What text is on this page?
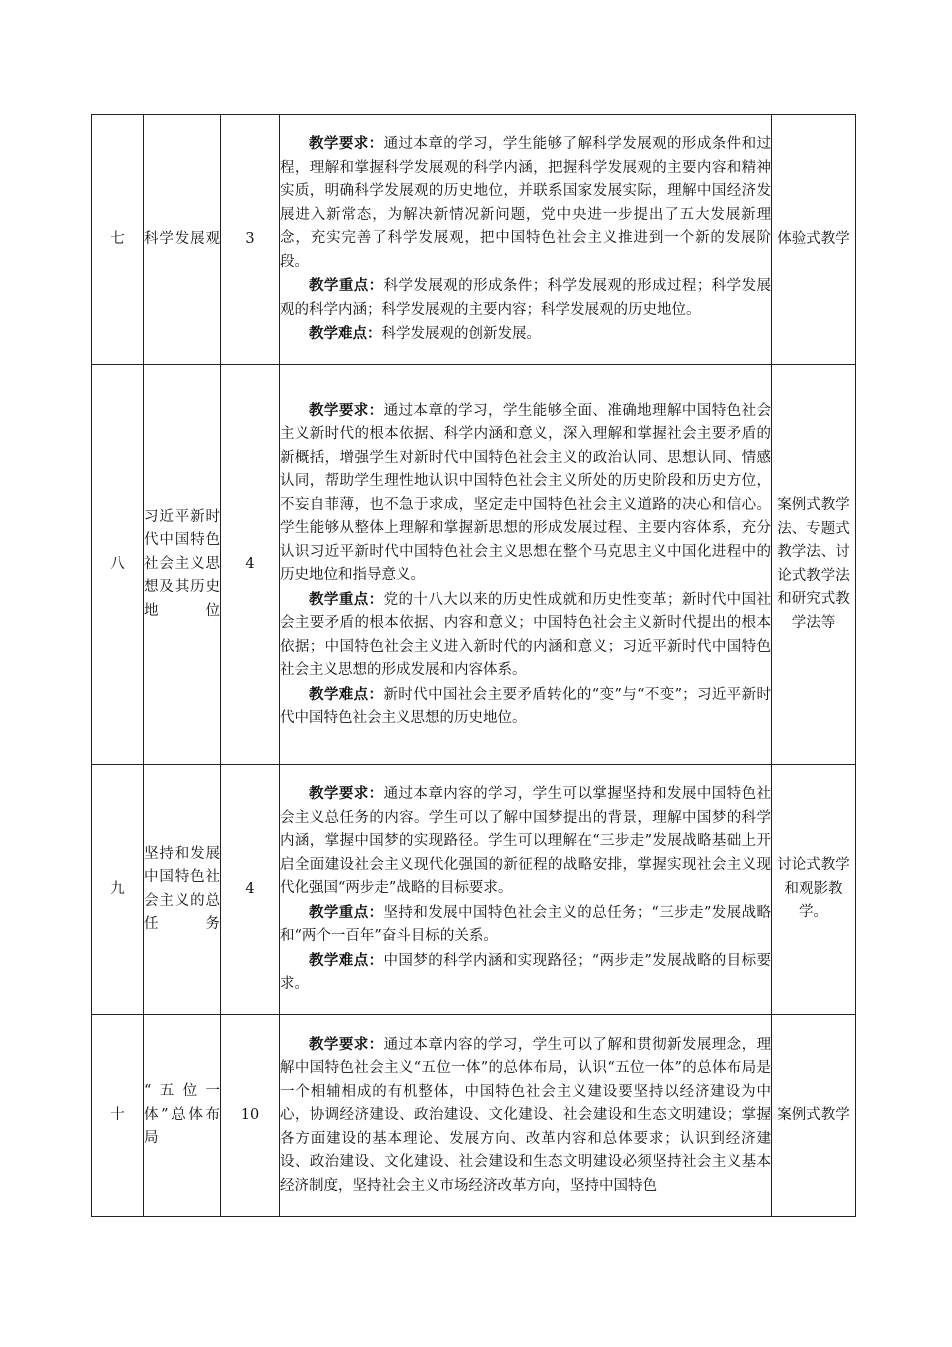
七	科学发展观	3	教学要求：通过本章的学习，学生能够了解科学发展观的形成条件和过程，理解和掌握科学发展观的科学内涵，把握科学发展观的主要内容和精神实质，明确科学发展观的历史地位，并联系国家发展实际，理解中国经济发展进入新常态，为解决新情况新问题，党中央进一步提出了五大发展新理念，充实完善了科学发展观，把中国特色社会主义推进到一个新的发展阶段。

教学重点：科学发展观的形成条件；科学发展观的形成过程；科学发展观的科学内涵；科学发展观的主要内容；科学发展观的历史地位。

教学难点：科学发展观的创新发展。	体验式教学
八	习近平新时代中国特色社会主义思想及其历史地位	4	教学要求：通过本章的学习，学生能够全面、准确地理解中国特色社会主义新时代的根本依据、科学内涵和意义，深入理解和掌握社会主要矛盾的新概括，增强学生对新时代中国特色社会主义的政治认同、思想认同、情感认同，帮助学生理性地认识中国特色社会主义所处的历史阶段和历史方位，不妄自菲薄，也不急于求成，坚定走中国特色社会主义道路的决心和信心。学生能够从整体上理解和掌握新思想的形成发展过程、主要内容体系，充分认识习近平新时代中国特色社会主义思想在整个马克思主义中国化进程中的历史地位和指导意义。

教学重点：党的十八大以来的历史性成就和历史性变革；新时代中国社会主要矛盾的根本依据、内容和意义；中国特色社会主义新时代提出的根本依据；中国特色社会主义进入新时代的内涵和意义；习近平新时代中国特色社会主义思想的形成发展和内容体系。

教学难点：新时代中国社会主要矛盾转化的“变”与“不变”；习近平新时代中国特色社会主义思想的历史地位。	案例式教学法、专题式教学法、讨论式教学法和研究式教学法等
九	坚持和发展中国特色社会主义的总任务	4	教学要求：通过本章内容的学习，学生可以掌握坚持和发展中国特色社会主义总任务的内容。学生可以了解中国梦提出的背景，理解中国梦的科学内涵，掌握中国梦的实现路径。学生可以理解在“三步走”发展战略基础上开启全面建设社会主义现代化强国的新征程的战略安排，掌握实现社会主义现代化强国“两步走”战略的目标要求。

教学重点：坚持和发展中国特色社会主义的总任务；“三步走”发展战略和“两个一百年”奋斗目标的关系。

教学难点：中国梦的科学内涵和实现路径；“两步走”发展战略的目标要求。	讨论式教学和观影教学。
十	“五位一体”总体布局	10	教学要求：通过本章内容的学习，学生可以了解和贯彻新发展理念，理解中国特色社会主义“五位一体”的总体布局，认识“五位一体”的总体布局是一个相辅相成的有机整体，中国特色社会主义建设要坚持以经济建设为中心，协调经济建设、政治建设、文化建设、社会建设和生态文明建设；掌握各方面建设的基本理论、发展方向、改革内容和总体要求；认识到经济建设、政治建设、文化建设、社会建设和生态文明建设必须坚持社会主义基本经济制度，坚持社会主义市场经济改革方向，坚持中国特色	案例式教学
